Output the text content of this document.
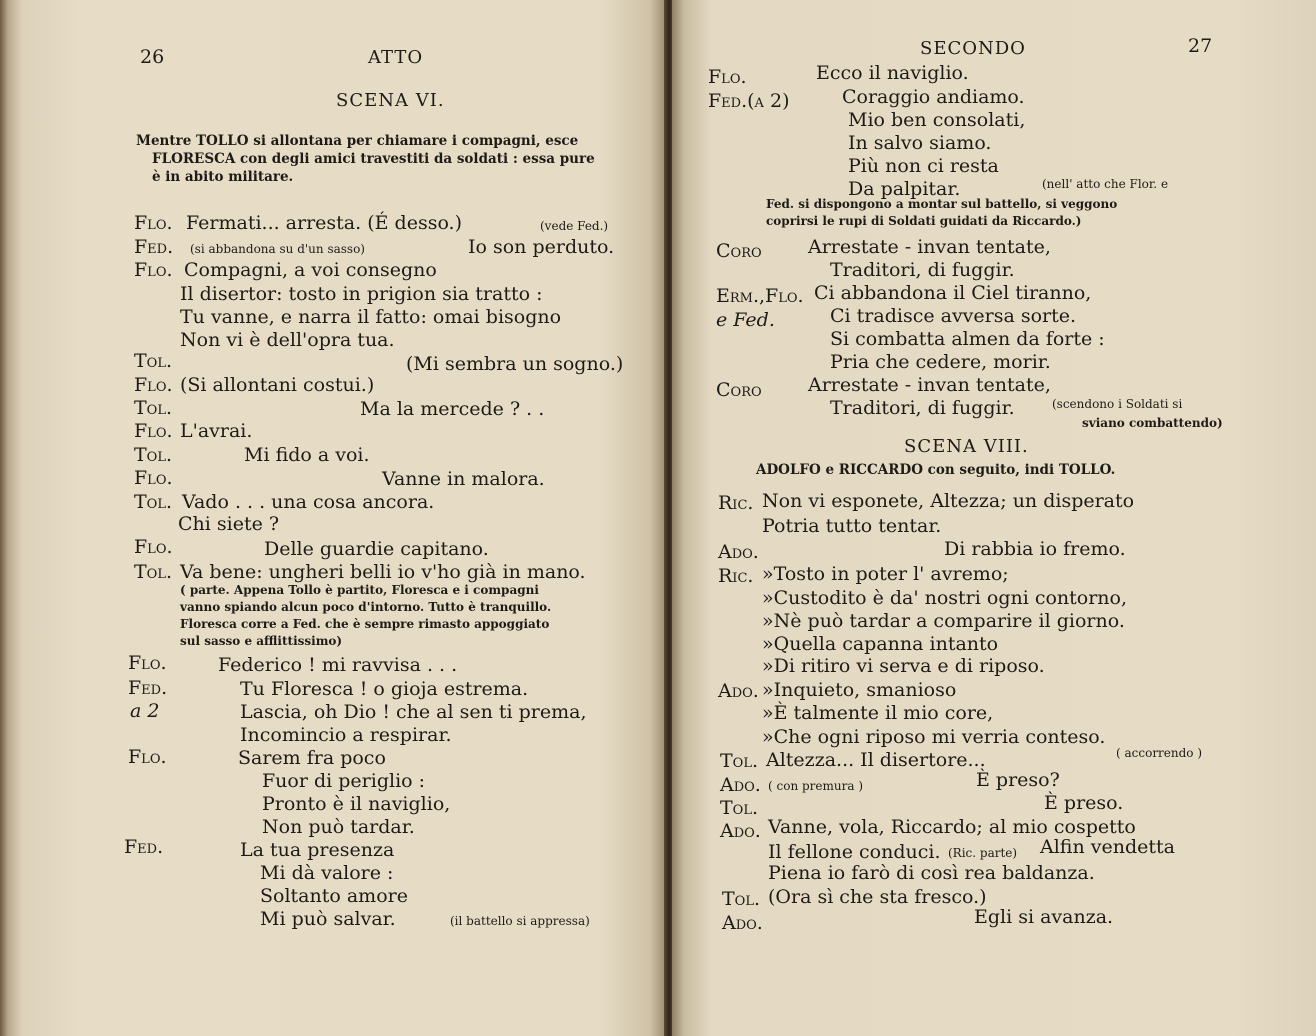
26	ATTO
SCENA VI.
Mentre TOLLO si allontana per chiamare i compagni, esce
FLORESCA con degli amici travestiti da soldati : essa pure
è in abito militare.
Flo. Fermati... arresta. (É desso.)	(vede Fed.)
Fed. (si abbandona su d'un sasso)	Io son perduto.
Flo. Compagni, a voi consegno
Il disertor: tosto in prigion sia tratto :
Tu vanne, e narra il fatto: omai bisogno
Non vi è dell'opra tua.
Tol.	(Mi sembra un sogno.)
Flo. (Si allontani costui.)
Tol.	Ma la mercede ? . .
Flo. L'avrai.
Tol.	Mi fido a voi.
Flo.	Vanne in malora.
Tol. Vado . . . una cosa ancora.
Chi siete ?
Flo.	Delle guardie capitano.
Tol. Va bene: ungheri belli io v'ho già in mano.
( parte. Appena Tollo è partito, Floresca e i compagni
vanno spiando alcun poco d'intorno. Tutto è tranquillo.
Floresca corre a Fed. che è sempre rimasto appoggiato
sul sasso e afflittissimo)
Flo.	Federico ! mi ravvisa . . .
Fed.	Tu Floresca ! o gioja estrema.
a 2	Lascia, oh Dio ! che al sen ti prema,
Incomincio a respirar.
Flo.	Sarem fra poco
Fuor di periglio :
Pronto è il naviglio,
Non può tardar.
Fed.	La tua presenza
Mi dà valore :
Soltanto amore
Mi può salvar.	(il battello si appressa)
SECONDO	27
Flo.	Ecco il naviglio.
Fed.(a 2)	Coraggio andiamo.
Mio ben consolati,
In salvo siamo.
Più non ci resta
Da palpitar.	(nell' atto che Flor. e
Fed. si dispongono a montar sul battello, si veggono
coprirsi le rupi di Soldati guidati da Riccardo.)
Coro Arrestate - invan tentate,
Traditori, di fuggir.
Erm.,Flo. Ci abbandona il Ciel tiranno,
e Fed.	Ci tradisce avversa sorte.
Si combatta almen da forte :
Pria che cedere, morir.
Coro Arrestate - invan tentate,
Traditori, di fuggir.	(scendono i Soldati si
sviano combattendo)
SCENA VIII.
ADOLFO e RICCARDO con seguito, indi TOLLO.
Ric. Non vi esponete, Altezza; un disperato
Potria tutto tentar.
Ado.	Di rabbia io fremo.
Ric. »Tosto in poter l' avremo;
»Custodito è da' nostri ogni contorno,
»Nè può tardar a comparire il giorno.
»Quella capanna intanto
»Di ritiro vi serva e di riposo.
Ado. »Inquieto, smanioso
»È talmente il mio core,
»Che ogni riposo mi verria conteso.
Tol. Altezza... Il disertore...	( accorrendo )
Ado. ( con premura )	È preso?
Tol.	È preso.
Ado. Vanne, vola, Riccardo; al mio cospetto
Il fellone conduci. (Ric. parte) Alfin vendetta
Piena io farò di così rea baldanza.
Tol. (Ora sì che sta fresco.)
Ado.	Egli si avanza.
